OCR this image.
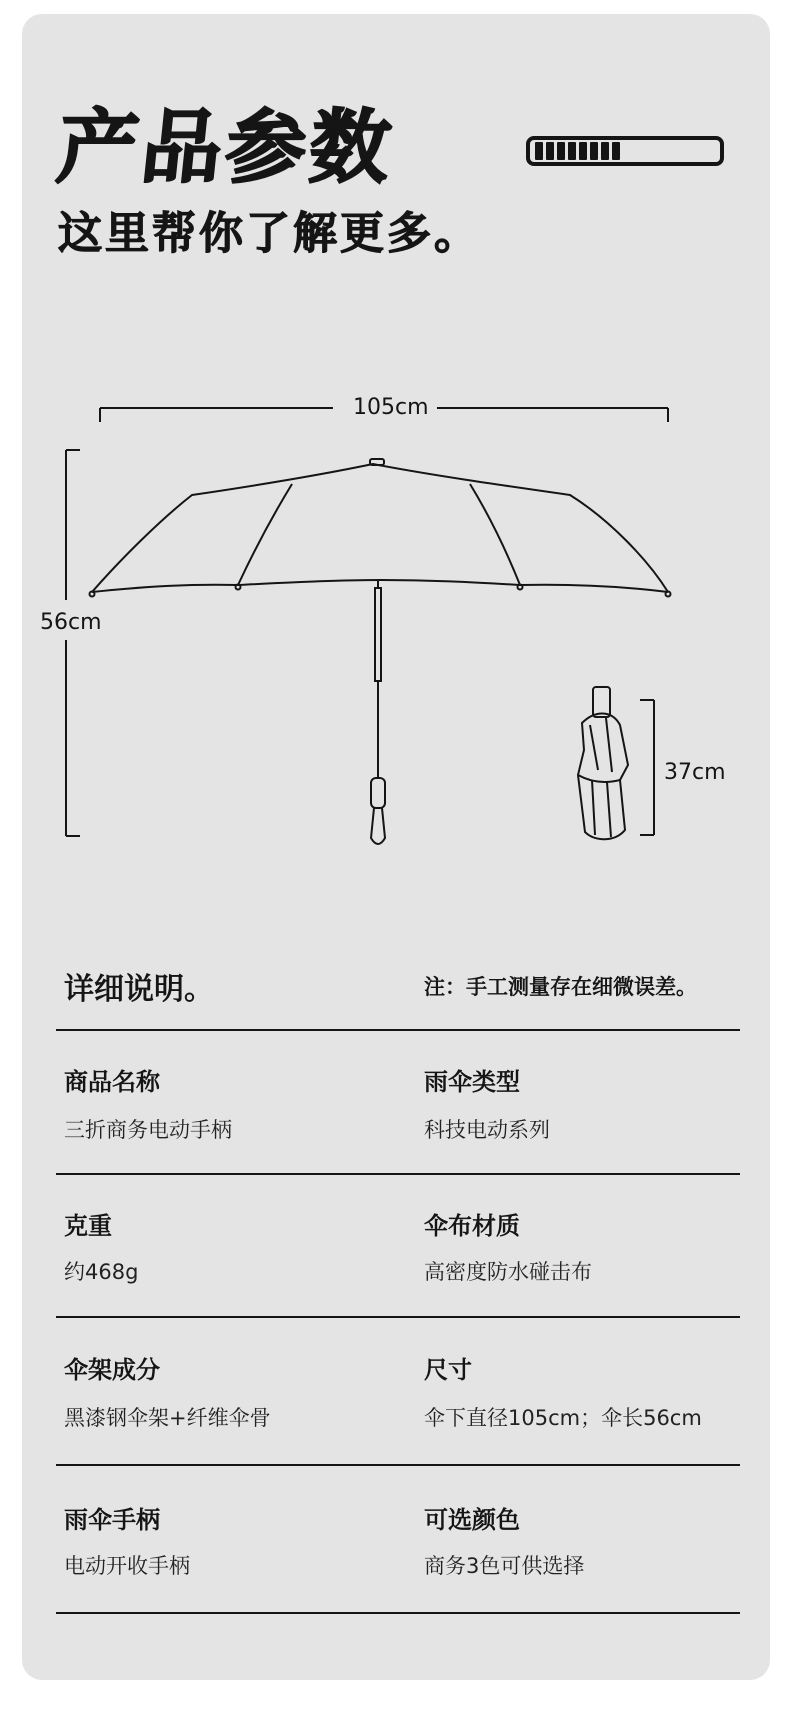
产品参数
这里帮你了解更多。
105cm
56cm
37cm
详细说明。	注：手工测量存在细微误差。
商品名称
三折商务电动手柄
雨伞类型
科技电动系列
克重
约468g
伞布材质
高密度防水碰击布
伞架成分
黑漆钢伞架+纤维伞骨
尺寸
伞下直径105cm；伞长56cm
雨伞手柄
电动开收手柄
可选颜色
商务3色可供选择
